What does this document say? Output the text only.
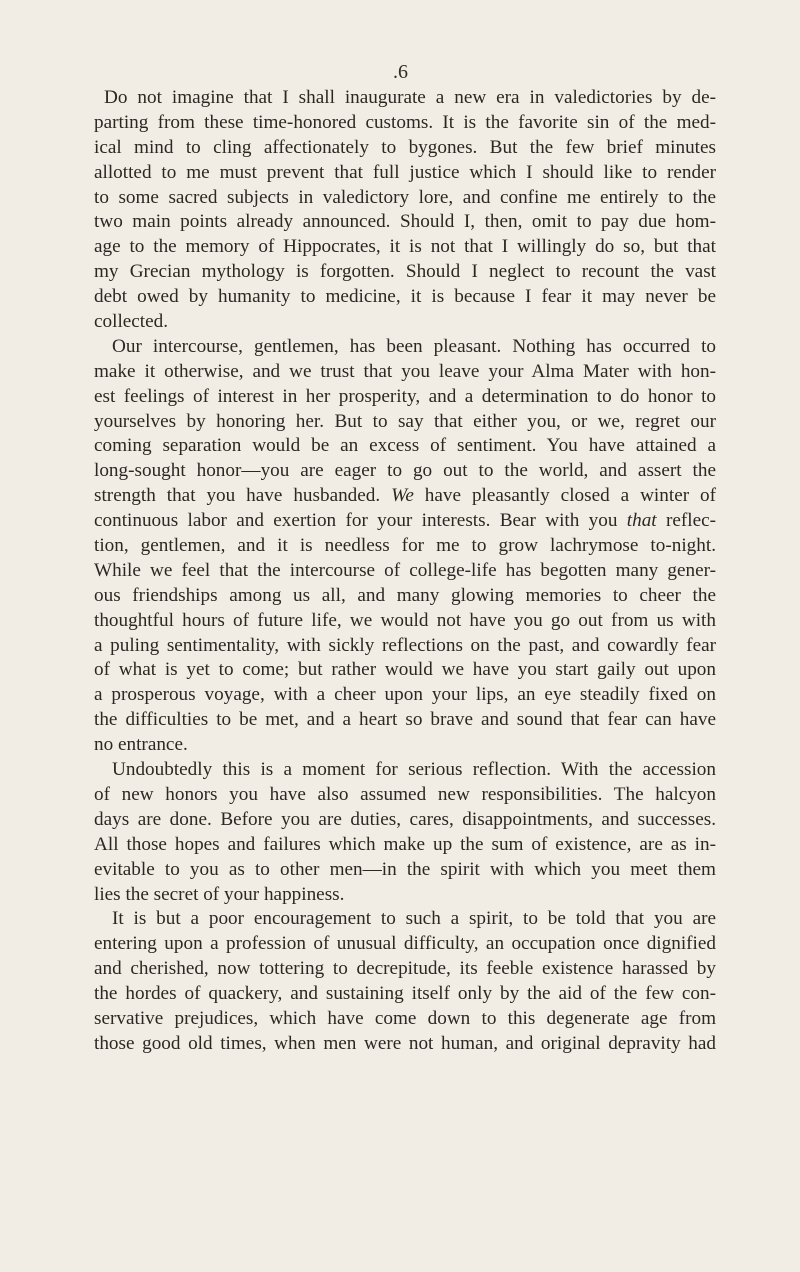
.6
Do not imagine that I shall inaugurate a new era in valedictories by de-
parting from these time-honored customs. It is the favorite sin of the med-
ical mind to cling affectionately to bygones. But the few brief minutes
allotted to me must prevent that full justice which I should like to render
to some sacred subjects in valedictory lore, and confine me entirely to the
two main points already announced. Should I, then, omit to pay due hom-
age to the memory of Hippocrates, it is not that I willingly do so, but that
my Grecian mythology is forgotten. Should I neglect to recount the vast
debt owed by humanity to medicine, it is because I fear it may never be
collected.
Our intercourse, gentlemen, has been pleasant. Nothing has occurred to
make it otherwise, and we trust that you leave your Alma Mater with hon-
est feelings of interest in her prosperity, and a determination to do honor to
yourselves by honoring her. But to say that either you, or we, regret our
coming separation would be an excess of sentiment. You have attained a
long-sought honor—you are eager to go out to the world, and assert the
strength that you have husbanded. We have pleasantly closed a winter of
continuous labor and exertion for your interests. Bear with you that reflec-
tion, gentlemen, and it is needless for me to grow lachrymose to-night.
While we feel that the intercourse of college-life has begotten many gener-
ous friendships among us all, and many glowing memories to cheer the
thoughtful hours of future life, we would not have you go out from us with
a puling sentimentality, with sickly reflections on the past, and cowardly fear
of what is yet to come; but rather would we have you start gaily out upon
a prosperous voyage, with a cheer upon your lips, an eye steadily fixed on
the difficulties to be met, and a heart so brave and sound that fear can have
no entrance.
Undoubtedly this is a moment for serious reflection. With the accession
of new honors you have also assumed new responsibilities. The halcyon
days are done. Before you are duties, cares, disappointments, and successes.
All those hopes and failures which make up the sum of existence, are as in-
evitable to you as to other men—in the spirit with which you meet them
lies the secret of your happiness.
It is but a poor encouragement to such a spirit, to be told that you are
entering upon a profession of unusual difficulty, an occupation once dignified
and cherished, now tottering to decrepitude, its feeble existence harassed by
the hordes of quackery, and sustaining itself only by the aid of the few con-
servative prejudices, which have come down to this degenerate age from
those good old times, when men were not human, and original depravity had
